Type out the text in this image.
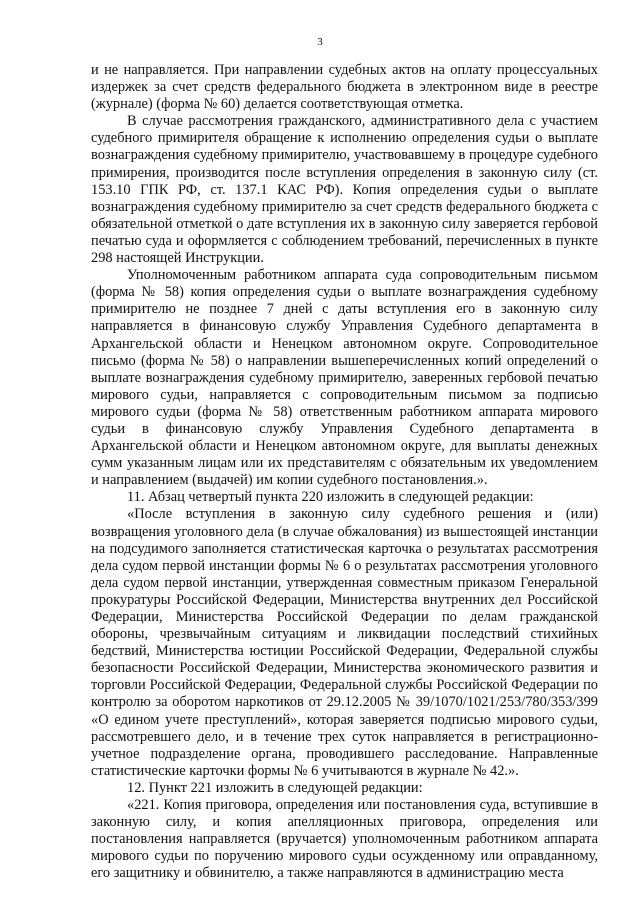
3

и не направляется. При направлении судебных актов на оплату процессуальных издержек за счет средств федерального бюджета в электронном виде в реестре (журнале) (форма № 60) делается соответствующая отметка.

В случае рассмотрения гражданского, административного дела с участием судебного примирителя обращение к исполнению определения судьи о выплате вознаграждения судебному примирителю, участвовавшему в процедуре судебного примирения, производится после вступления определения в законную силу (ст. 153.10 ГПК РФ, ст. 137.1 КАС РФ). Копия определения судьи о выплате вознаграждения судебному примирителю за счет средств федерального бюджета с обязательной отметкой о дате вступления их в законную силу заверяется гербовой печатью суда и оформляется с соблюдением требований, перечисленных в пункте 298 настоящей Инструкции.

Уполномоченным работником аппарата суда сопроводительным письмом (форма № 58) копия определения судьи о выплате вознаграждения судебному примирителю не позднее 7 дней с даты вступления его в законную силу направляется в финансовую службу Управления Судебного департамента в Архангельской области и Ненецком автономном округе. Сопроводительное письмо (форма № 58) о направлении вышеперечисленных копий определений о выплате вознаграждения судебному примирителю, заверенных гербовой печатью мирового судьи, направляется с сопроводительным письмом за подписью мирового судьи (форма № 58) ответственным работником аппарата мирового судьи в финансовую службу Управления Судебного департамента в Архангельской области и Ненецком автономном округе, для выплаты денежных сумм указанным лицам или их представителям с обязательным их уведомлением и направлением (выдачей) им копии судебного постановления.».

11. Абзац четвертый пункта 220 изложить в следующей редакции:

«После вступления в законную силу судебного решения и (или) возвращения уголовного дела (в случае обжалования) из вышестоящей инстанции на подсудимого заполняется статистическая карточка о результатах рассмотрения дела судом первой инстанции формы № 6 о результатах рассмотрения уголовного дела судом первой инстанции, утвержденная совместным приказом Генеральной прокуратуры Российской Федерации, Министерства внутренних дел Российской Федерации, Министерства Российской Федерации по делам гражданской обороны, чрезвычайным ситуациям и ликвидации последствий стихийных бедствий, Министерства юстиции Российской Федерации, Федеральной службы безопасности Российской Федерации, Министерства экономического развития и торговли Российской Федерации, Федеральной службы Российской Федерации по контролю за оборотом наркотиков от 29.12.2005 № 39/1070/1021/253/780/353/399 «О едином учете преступлений», которая заверяется подписью мирового судьи, рассмотревшего дело, и в течение трех суток направляется в регистрационно-учетное подразделение органа, проводившего расследование. Направленные статистические карточки формы № 6 учитываются в журнале № 42.».

12. Пункт 221 изложить в следующей редакции:

«221. Копия приговора, определения или постановления суда, вступившие в законную силу, и копия апелляционных приговора, определения или постановления направляется (вручается) уполномоченным работником аппарата мирового судьи по поручению мирового судьи осужденному или оправданному, его защитнику и обвинителю, а также направляются в администрацию места
